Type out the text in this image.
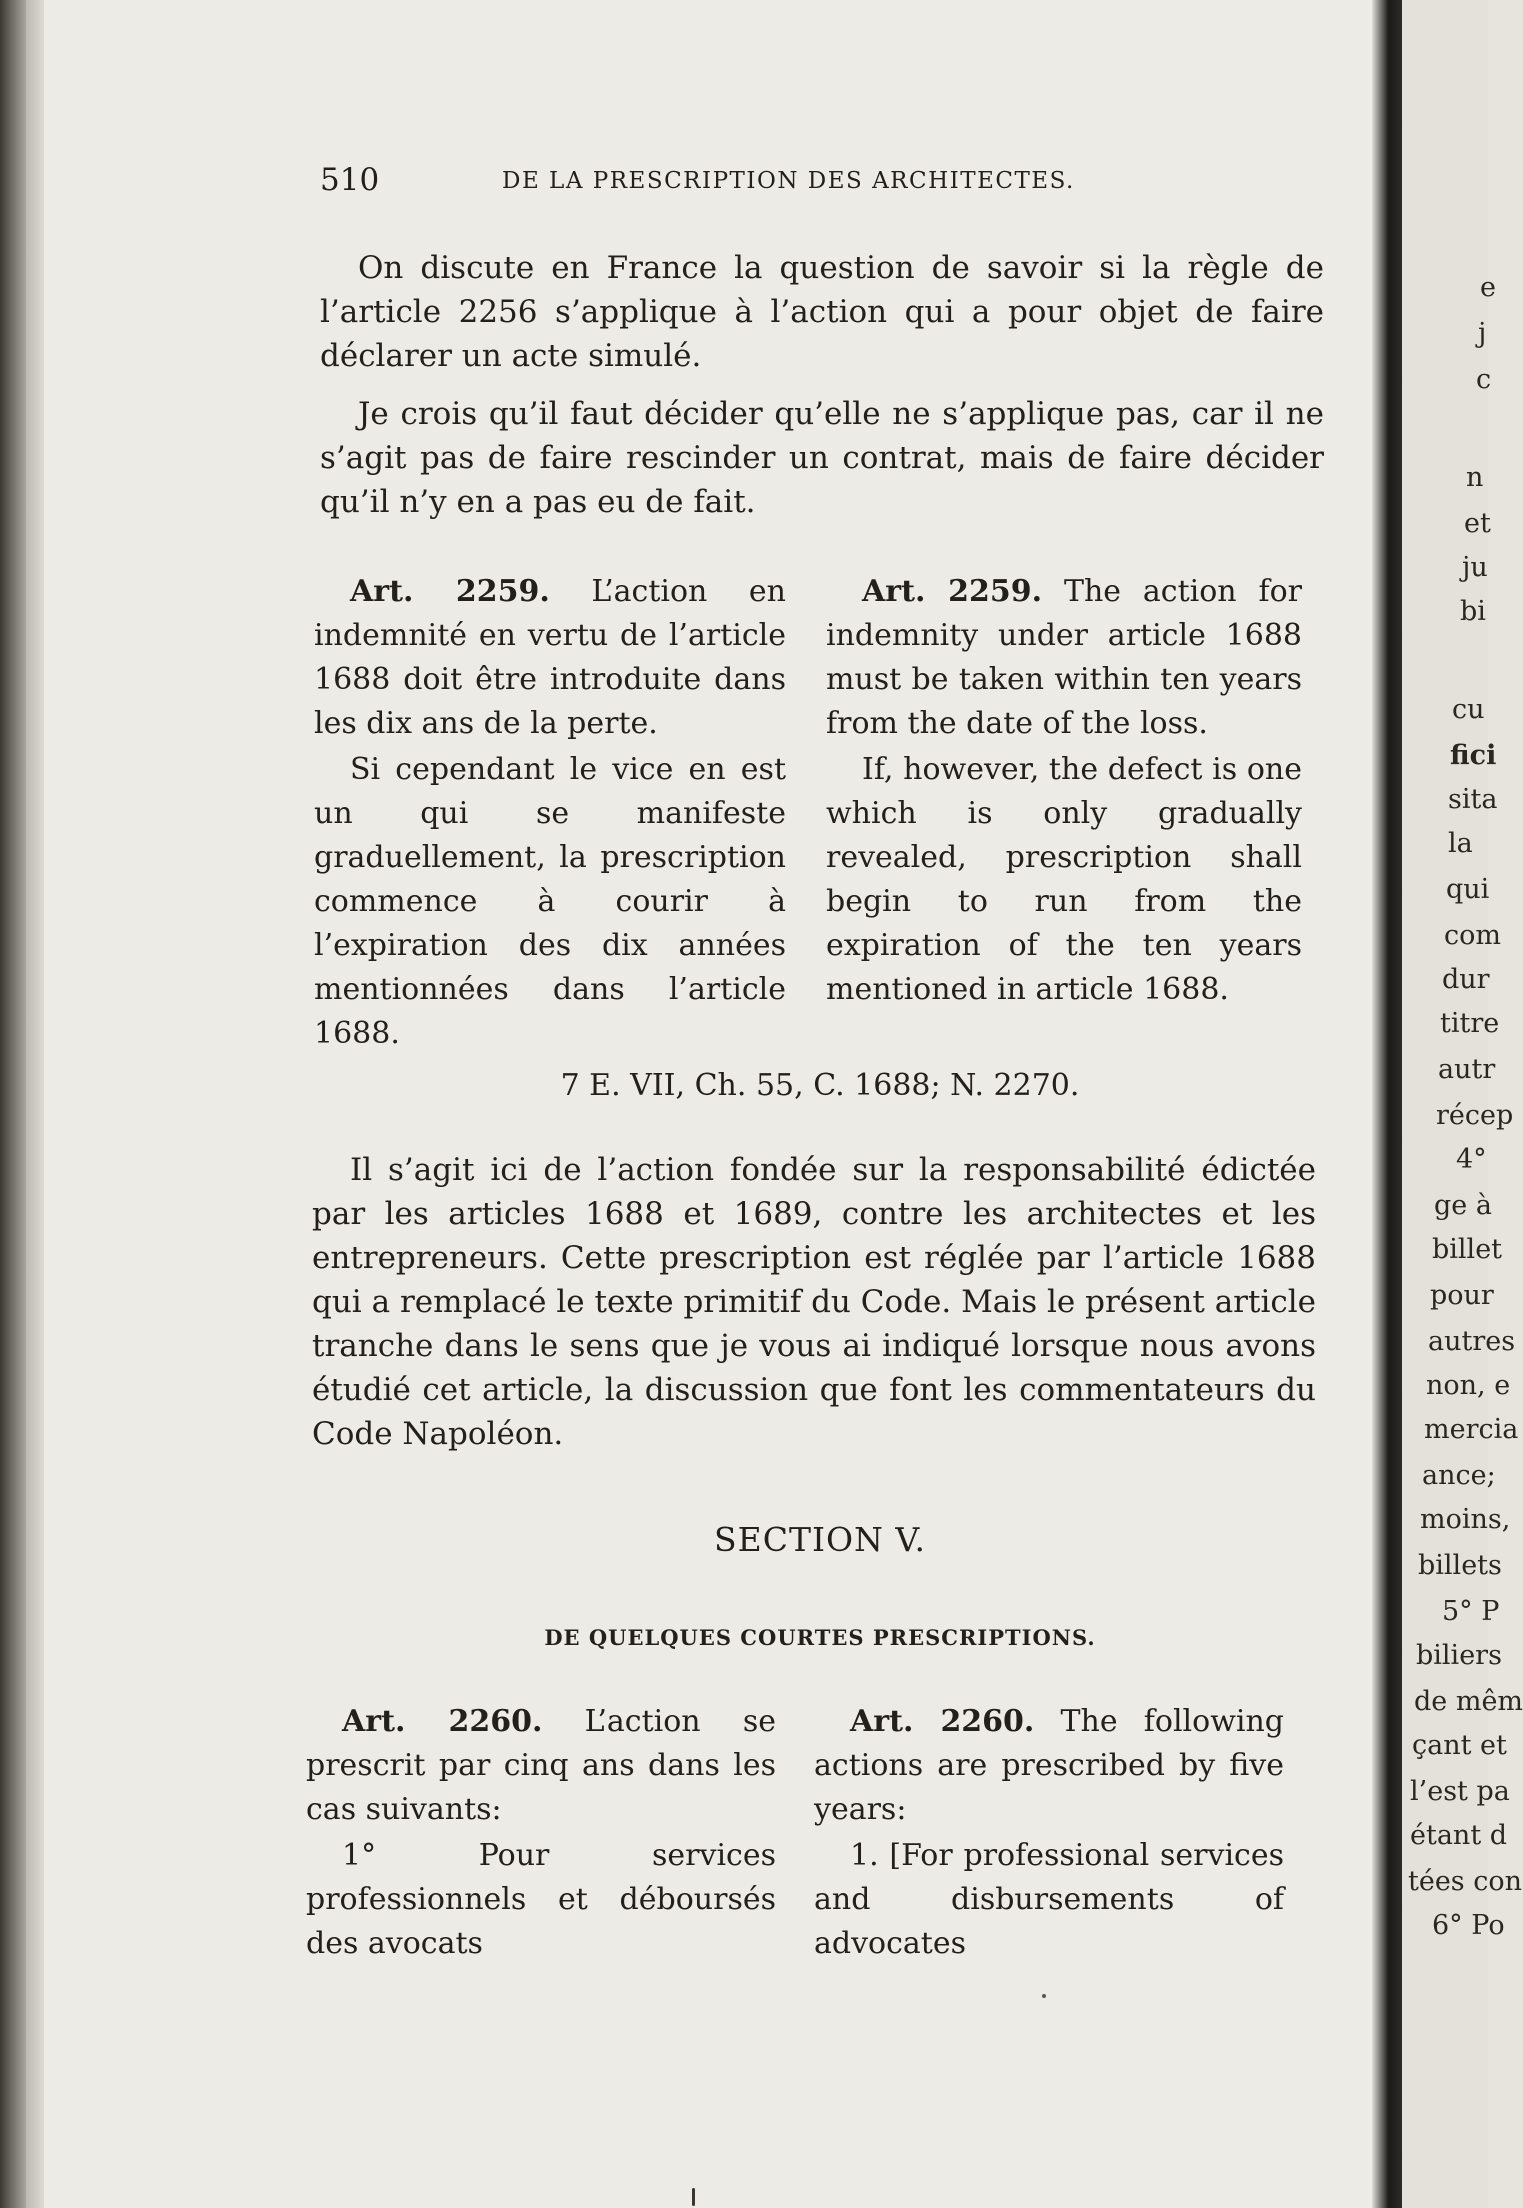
510	DE LA PRESCRIPTION DES ARCHITECTES.
On discute en France la question de savoir si la règle de l’article 2256 s’applique à l’action qui a pour objet de faire déclarer un acte simulé.
Je crois qu’il faut décider qu’elle ne s’applique pas, car il ne s’agit pas de faire rescinder un contrat, mais de faire décider qu’il n’y en a pas eu de fait.

Art. 2259. L’action en indemnité en vertu de l’article 1688 doit être introduite dans les dix ans de la perte.

Si cependant le vice en est un qui se manifeste graduellement, la prescription commence à courir à l’expiration des dix années mentionnées dans l’article 1688.

Art. 2259. The action for indemnity under article 1688 must be taken within ten years from the date of the loss.

If, however, the defect is one which is only gradually revealed, prescription shall begin to run from the expiration of the ten years mentioned in article 1688.

7 E. VII, Ch. 55, C. 1688; N. 2270.
Il s’agit ici de l’action fondée sur la responsabilité édictée par les articles 1688 et 1689, contre les architectes et les entrepreneurs. Cette prescription est réglée par l’article 1688 qui a remplacé le texte primitif du Code. Mais le présent article tranche dans le sens que je vous ai indiqué lorsque nous avons étudié cet article, la discussion que font les commentateurs du Code Napoléon.
SECTION V.
DE QUELQUES COURTES PRESCRIPTIONS.

Art. 2260. L’action se prescrit par cinq ans dans les cas suivants:

1° Pour services professionnels et déboursés des avocats

Art. 2260. The following actions are prescribed by five years:

1. [For professional services and disbursements of advocates

e
j
c
n
et
ju
bi
cu
fici
sita
la
qui
com
dur
titre
autr
récep
4°
ge à
billet
pour
autres
non, e
mercia
ance;
moins,
billets
5° P
biliers
de mêm
çant et
l’est pa
étant d
tées con
6° Po
